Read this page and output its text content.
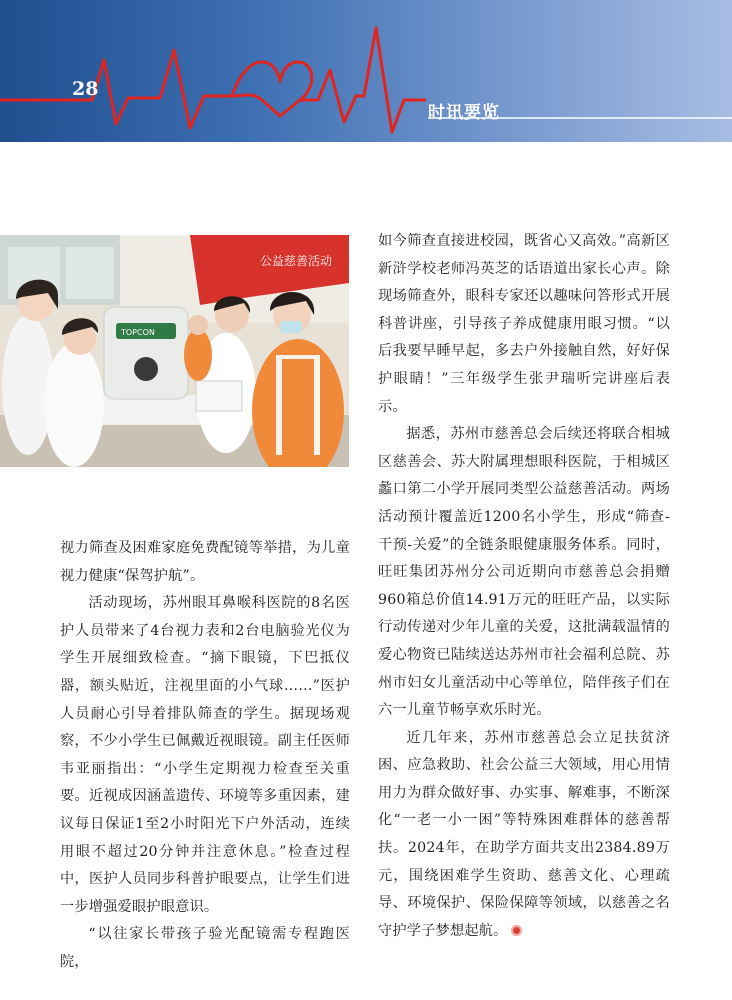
28
时讯要览
公益慈善活动
TOPCON

视力筛查及困难家庭免费配镜等举措，为儿童视力健康“保驾护航”。

活动现场，苏州眼耳鼻喉科医院的8名医护人员带来了4台视力表和2台电脑验光仪为学生开展细致检查。“摘下眼镜，下巴抵仪器，额头贴近，注视里面的小气球……”医护人员耐心引导着排队筛查的学生。据现场观察，不少小学生已佩戴近视眼镜。副主任医师韦亚丽指出：“小学生定期视力检查至关重要。近视成因涵盖遗传、环境等多重因素，建议每日保证1至2小时阳光下户外活动，连续用眼不超过20分钟并注意休息。”检查过程中，医护人员同步科普护眼要点，让学生们进一步增强爱眼护眼意识。

“以往家长带孩子验光配镜需专程跑医院，

如今筛查直接进校园，既省心又高效。”高新区新浒学校老师冯英芝的话语道出家长心声。除现场筛查外，眼科专家还以趣味问答形式开展科普讲座，引导孩子养成健康用眼习惯。“以后我要早睡早起，多去户外接触自然，好好保护眼睛！”三年级学生张尹瑞听完讲座后表示。

据悉，苏州市慈善总会后续还将联合相城区慈善会、苏大附属理想眼科医院，于相城区蠡口第二小学开展同类型公益慈善活动。两场活动预计覆盖近1200名小学生，形成“筛查-干预-关爱”的全链条眼健康服务体系。同时，旺旺集团苏州分公司近期向市慈善总会捐赠960箱总价值14.91万元的旺旺产品，以实际行动传递对少年儿童的关爱，这批满载温情的爱心物资已陆续送达苏州市社会福利总院、苏州市妇女儿童活动中心等单位，陪伴孩子们在六一儿童节畅享欢乐时光。

近几年来，苏州市慈善总会立足扶贫济困、应急救助、社会公益三大领域，用心用情用力为群众做好事、办实事、解难事，不断深化“一老一小一困”等特殊困难群体的慈善帮扶。2024年，在助学方面共支出2384.89万元，围绕困难学生资助、慈善文化、心理疏导、环境保护、保险保障等领域，以慈善之名守护学子梦想起航。
